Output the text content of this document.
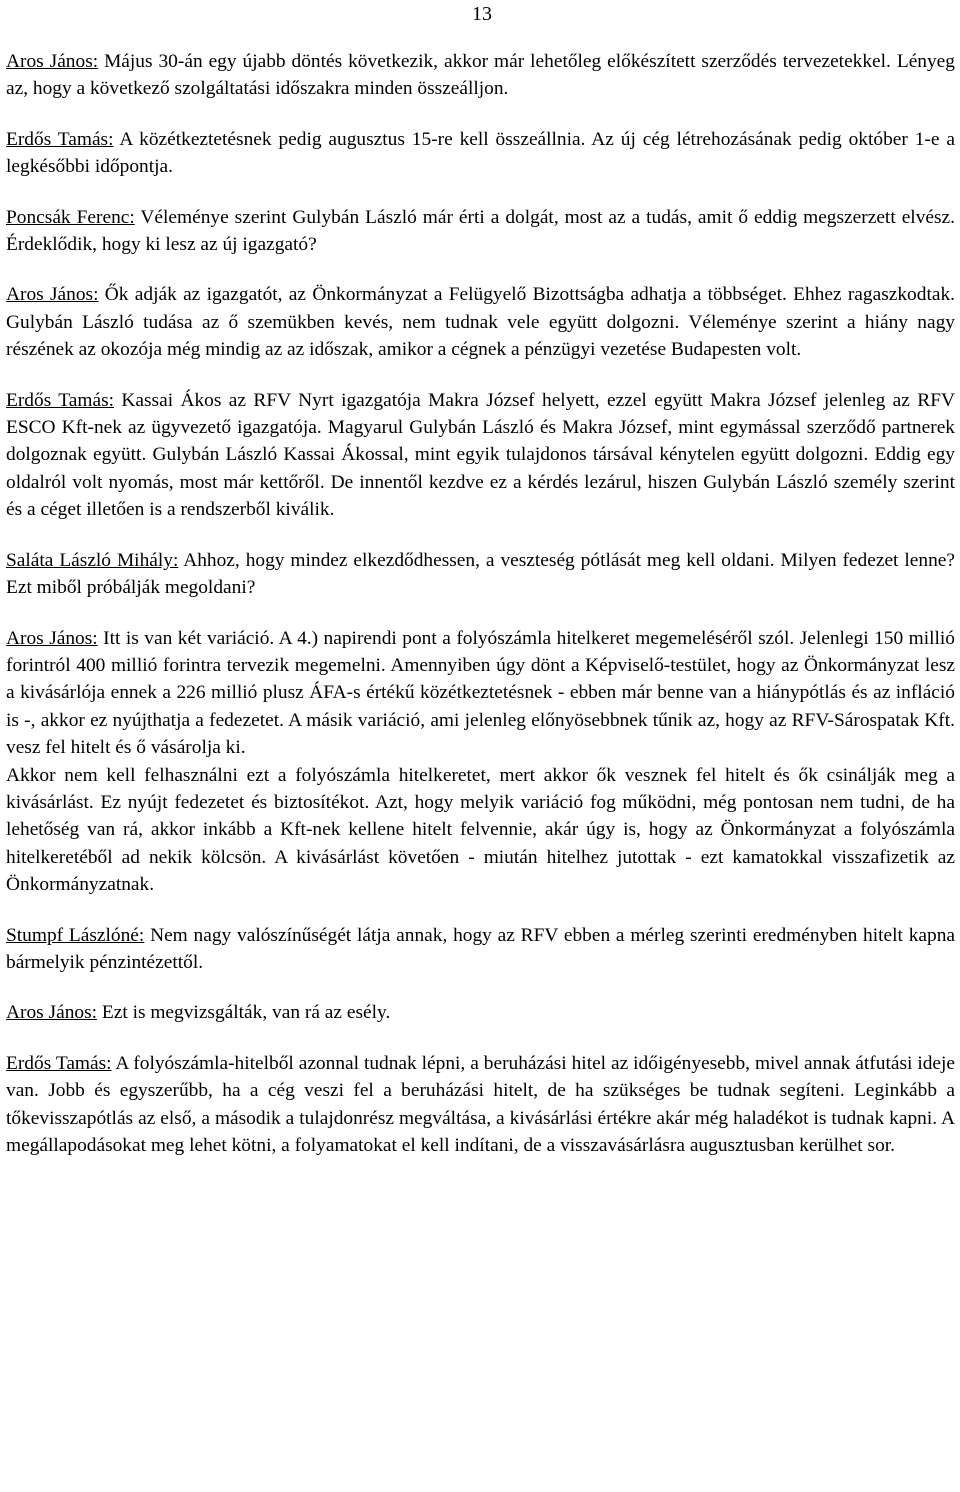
13

Aros János: Május 30-án egy újabb döntés következik, akkor már lehetőleg előkészített szerződés tervezetekkel. Lényeg az, hogy a következő szolgáltatási időszakra minden összeálljon.

Erdős Tamás: A közétkeztetésnek pedig augusztus 15-re kell összeállnia. Az új cég létrehozásának pedig október 1-e a legkésőbbi időpontja.

Poncsák Ferenc: Véleménye szerint Gulybán László már érti a dolgát, most az a tudás, amit ő eddig megszerzett elvész. Érdeklődik, hogy ki lesz az új igazgató?

Aros János: Ők adják az igazgatót, az Önkormányzat a Felügyelő Bizottságba adhatja a többséget. Ehhez ragaszkodtak. Gulybán László tudása az ő szemükben kevés, nem tudnak vele együtt dolgozni. Véleménye szerint a hiány nagy részének az okozója még mindig az az időszak, amikor a cégnek a pénzügyi vezetése Budapesten volt.

Erdős Tamás: Kassai Ákos az RFV Nyrt igazgatója Makra József helyett, ezzel együtt Makra József jelenleg az RFV ESCO Kft-nek az ügyvezető igazgatója. Magyarul Gulybán László és Makra József, mint egymással szerződő partnerek dolgoznak együtt. Gulybán László Kassai Ákossal, mint egyik tulajdonos társával kénytelen együtt dolgozni. Eddig egy oldalról volt nyomás, most már kettőről. De innentől kezdve ez a kérdés lezárul, hiszen Gulybán László személy szerint és a céget illetően is a rendszerből kiválik.

Saláta László Mihály: Ahhoz, hogy mindez elkezdődhessen, a veszteség pótlását meg kell oldani. Milyen fedezet lenne? Ezt miből próbálják megoldani?

Aros János: Itt is van két variáció. A 4.) napirendi pont a folyószámla hitelkeret megemeléséről szól. Jelenlegi 150 millió forintról 400 millió forintra tervezik megemelni. Amennyiben úgy dönt a Képviselő-testület, hogy az Önkormányzat lesz a kivásárlója ennek a 226 millió plusz ÁFA-s értékű közétkeztetésnek - ebben már benne van a hiánypótlás és az infláció is -, akkor ez nyújthatja a fedezetet. A másik variáció, ami jelenleg előnyösebbnek tűnik az, hogy az RFV-Sárospatak Kft. vesz fel hitelt és ő vásárolja ki.

Akkor nem kell felhasználni ezt a folyószámla hitelkeretet, mert akkor ők vesznek fel hitelt és ők csinálják meg a kivásárlást. Ez nyújt fedezetet és biztosítékot. Azt, hogy melyik variáció fog működni, még pontosan nem tudni, de ha lehetőség van rá, akkor inkább a Kft-nek kellene hitelt felvennie, akár úgy is, hogy az Önkormányzat a folyószámla hitelkeretéből ad nekik kölcsön. A kivásárlást követően - miután hitelhez jutottak - ezt kamatokkal visszafizetik az Önkormányzatnak.

Stumpf Lászlóné: Nem nagy valószínűségét látja annak, hogy az RFV ebben a mérleg szerinti eredményben hitelt kapna bármelyik pénzintézettől.

Aros János: Ezt is megvizsgálták, van rá az esély.

Erdős Tamás: A folyószámla-hitelből azonnal tudnak lépni, a beruházási hitel az időigényesebb, mivel annak átfutási ideje van. Jobb és egyszerűbb, ha a cég veszi fel a beruházási hitelt, de ha szükséges be tudnak segíteni. Leginkább a tőkevisszapótlás az első, a második a tulajdonrész megváltása, a kivásárlási értékre akár még haladékot is tudnak kapni. A megállapodásokat meg lehet kötni, a folyamatokat el kell indítani, de a visszavásárlásra augusztusban kerülhet sor.
